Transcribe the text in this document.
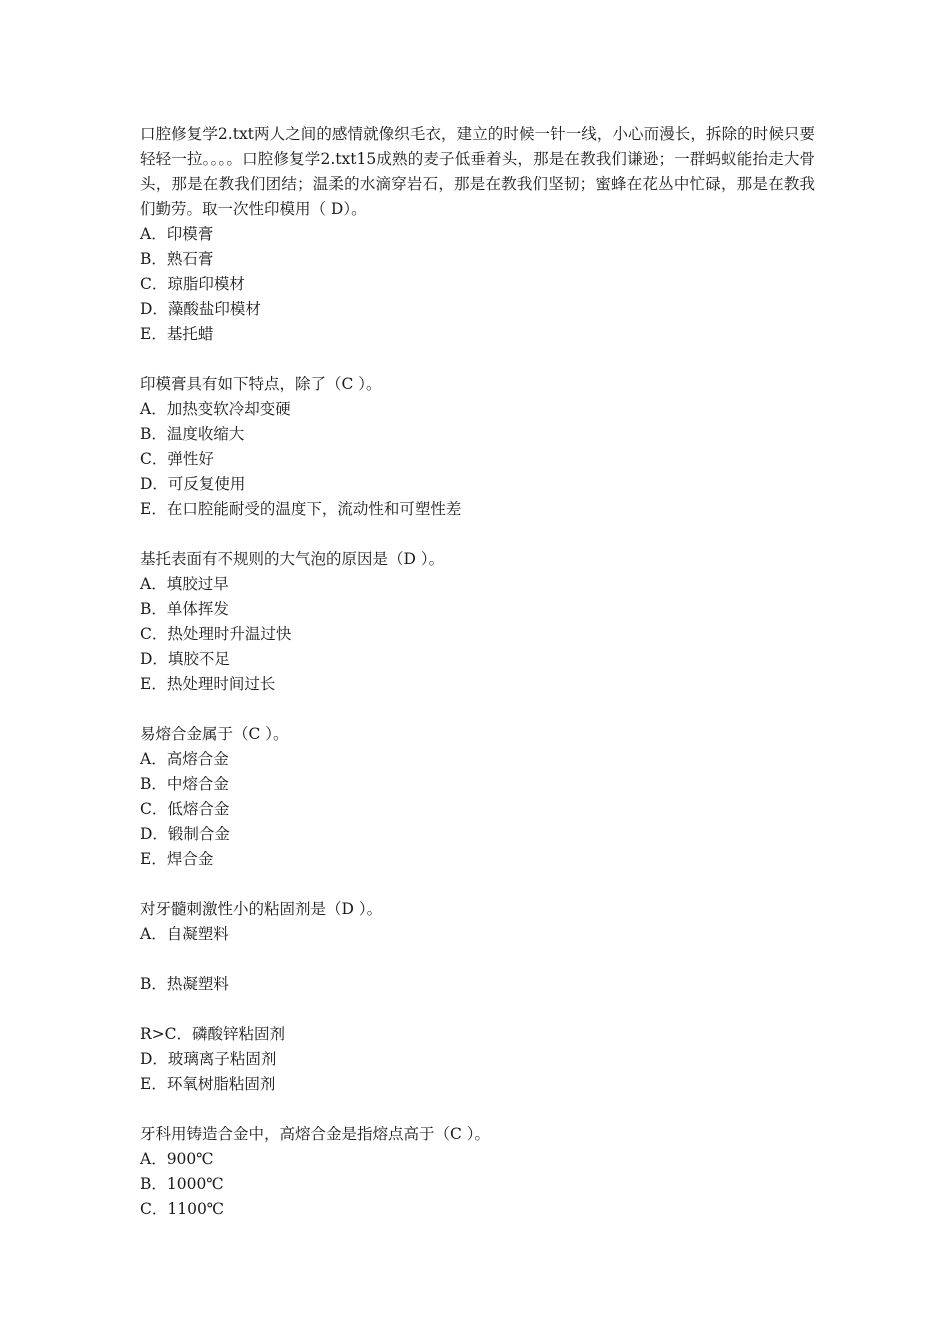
口腔修复学2.txt两人之间的感情就像织毛衣，建立的时候一针一线，小心而漫长，拆除的时候只要轻轻一拉。。。。口腔修复学2.txt15成熟的麦子低垂着头，那是在教我们谦逊；一群蚂蚁能抬走大骨头，那是在教我们团结；温柔的水滴穿岩石，那是在教我们坚韧；蜜蜂在花丛中忙碌，那是在教我们勤劳。取一次性印模用（ D）。

A．印模膏
B．熟石膏
C．琼脂印模材
D．藻酸盐印模材
E．基托蜡

印模膏具有如下特点，除了（C ）。

A．加热变软冷却变硬
B．温度收缩大
C．弹性好
D．可反复使用
E．在口腔能耐受的温度下，流动性和可塑性差

基托表面有不规则的大气泡的原因是（D ）。

A．填胶过早
B．单体挥发
C．热处理时升温过快
D．填胶不足
E．热处理时间过长

易熔合金属于（C ）。

A．高熔合金
B．中熔合金
C．低熔合金
D．锻制合金
E．焊合金

对牙髓刺激性小的粘固剂是（D ）。

A．自凝塑料
B．热凝塑料
R>C．磷酸锌粘固剂
D．玻璃离子粘固剂
E．环氧树脂粘固剂

牙科用铸造合金中，高熔合金是指熔点高于（C ）。

A．900℃
B．1000℃
C．1100℃
